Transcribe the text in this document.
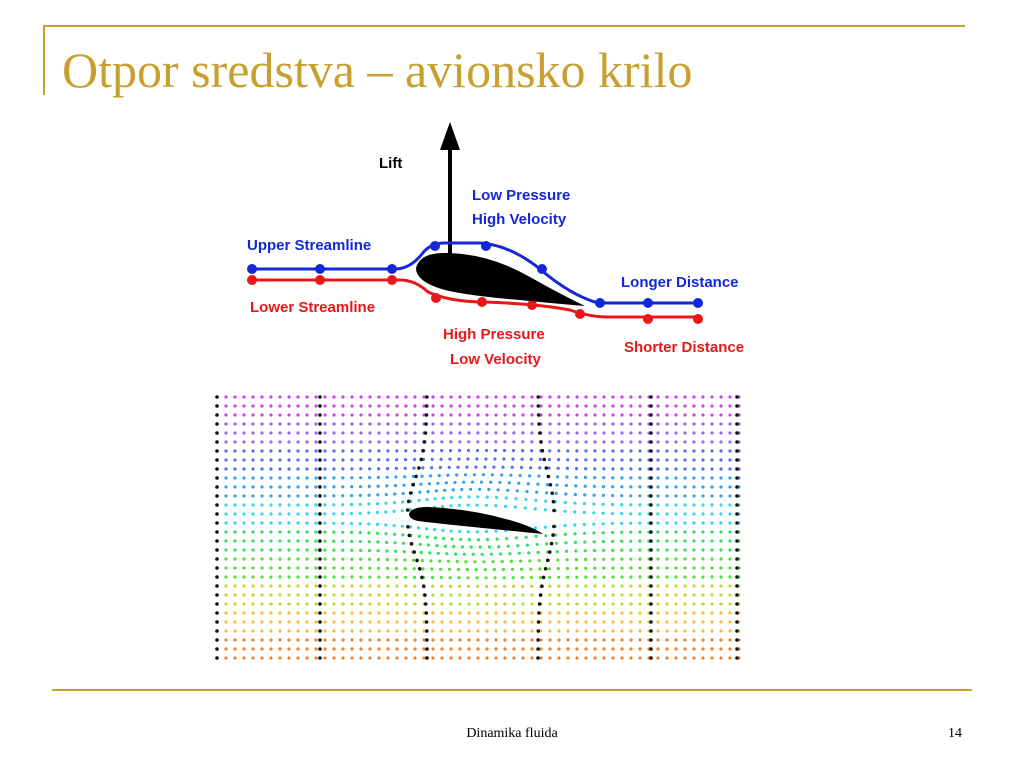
Otpor sredstva – avionsko krilo
Lift
Low Pressure
High Velocity
Upper Streamline
Lower Streamline
Longer Distance
High Pressure
Low Velocity
Shorter Distance
Dinamika fluida	14
